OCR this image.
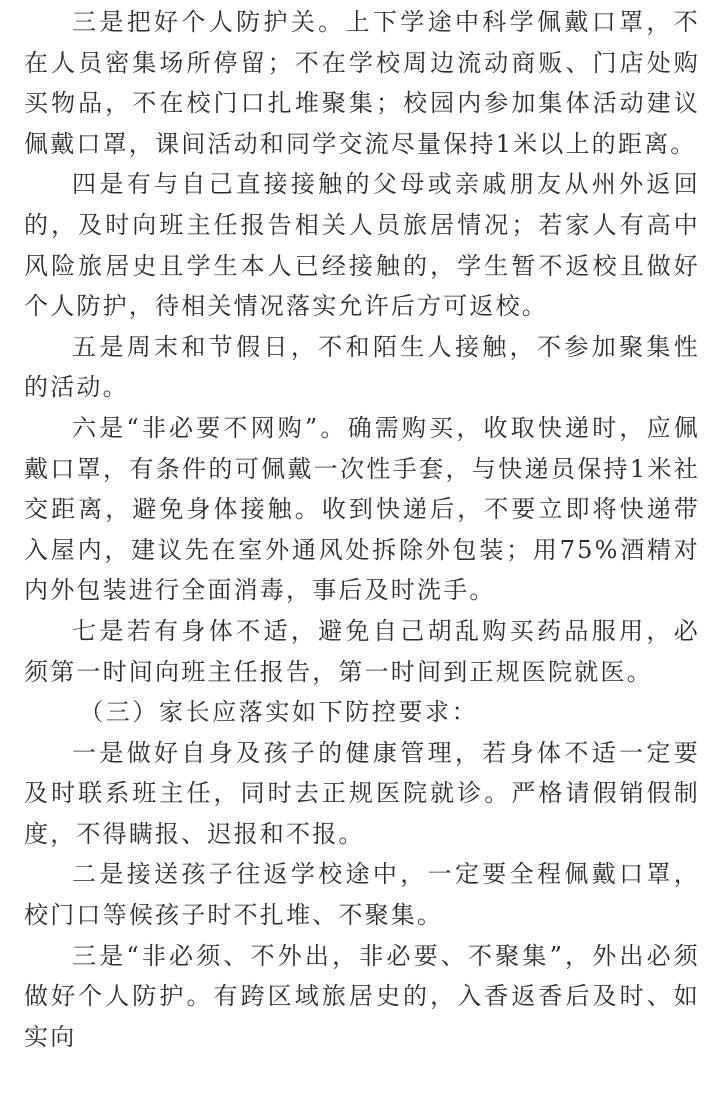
三是把好个人防护关。上下学途中科学佩戴口罩，不在人员密集场所停留；不在学校周边流动商贩、门店处购买物品，不在校门口扎堆聚集；校园内参加集体活动建议佩戴口罩，课间活动和同学交流尽量保持1米以上的距离。

四是有与自己直接接触的父母或亲戚朋友从州外返回的，及时向班主任报告相关人员旅居情况；若家人有高中风险旅居史且学生本人已经接触的，学生暂不返校且做好个人防护，待相关情况落实允许后方可返校。

五是周末和节假日，不和陌生人接触，不参加聚集性的活动。

六是“非必要不网购”。确需购买，收取快递时，应佩戴口罩，有条件的可佩戴一次性手套，与快递员保持1米社交距离，避免身体接触。收到快递后，不要立即将快递带入屋内，建议先在室外通风处拆除外包装；用75%酒精对内外包装进行全面消毒，事后及时洗手。

七是若有身体不适，避免自己胡乱购买药品服用，必须第一时间向班主任报告，第一时间到正规医院就医。

（三）家长应落实如下防控要求：

一是做好自身及孩子的健康管理，若身体不适一定要及时联系班主任，同时去正规医院就诊。严格请假销假制度，不得瞒报、迟报和不报。

二是接送孩子往返学校途中，一定要全程佩戴口罩，校门口等候孩子时不扎堆、不聚集。

三是“非必须、不外出，非必要、不聚集”，外出必须做好个人防护。有跨区域旅居史的，入香返香后及时、如实向
